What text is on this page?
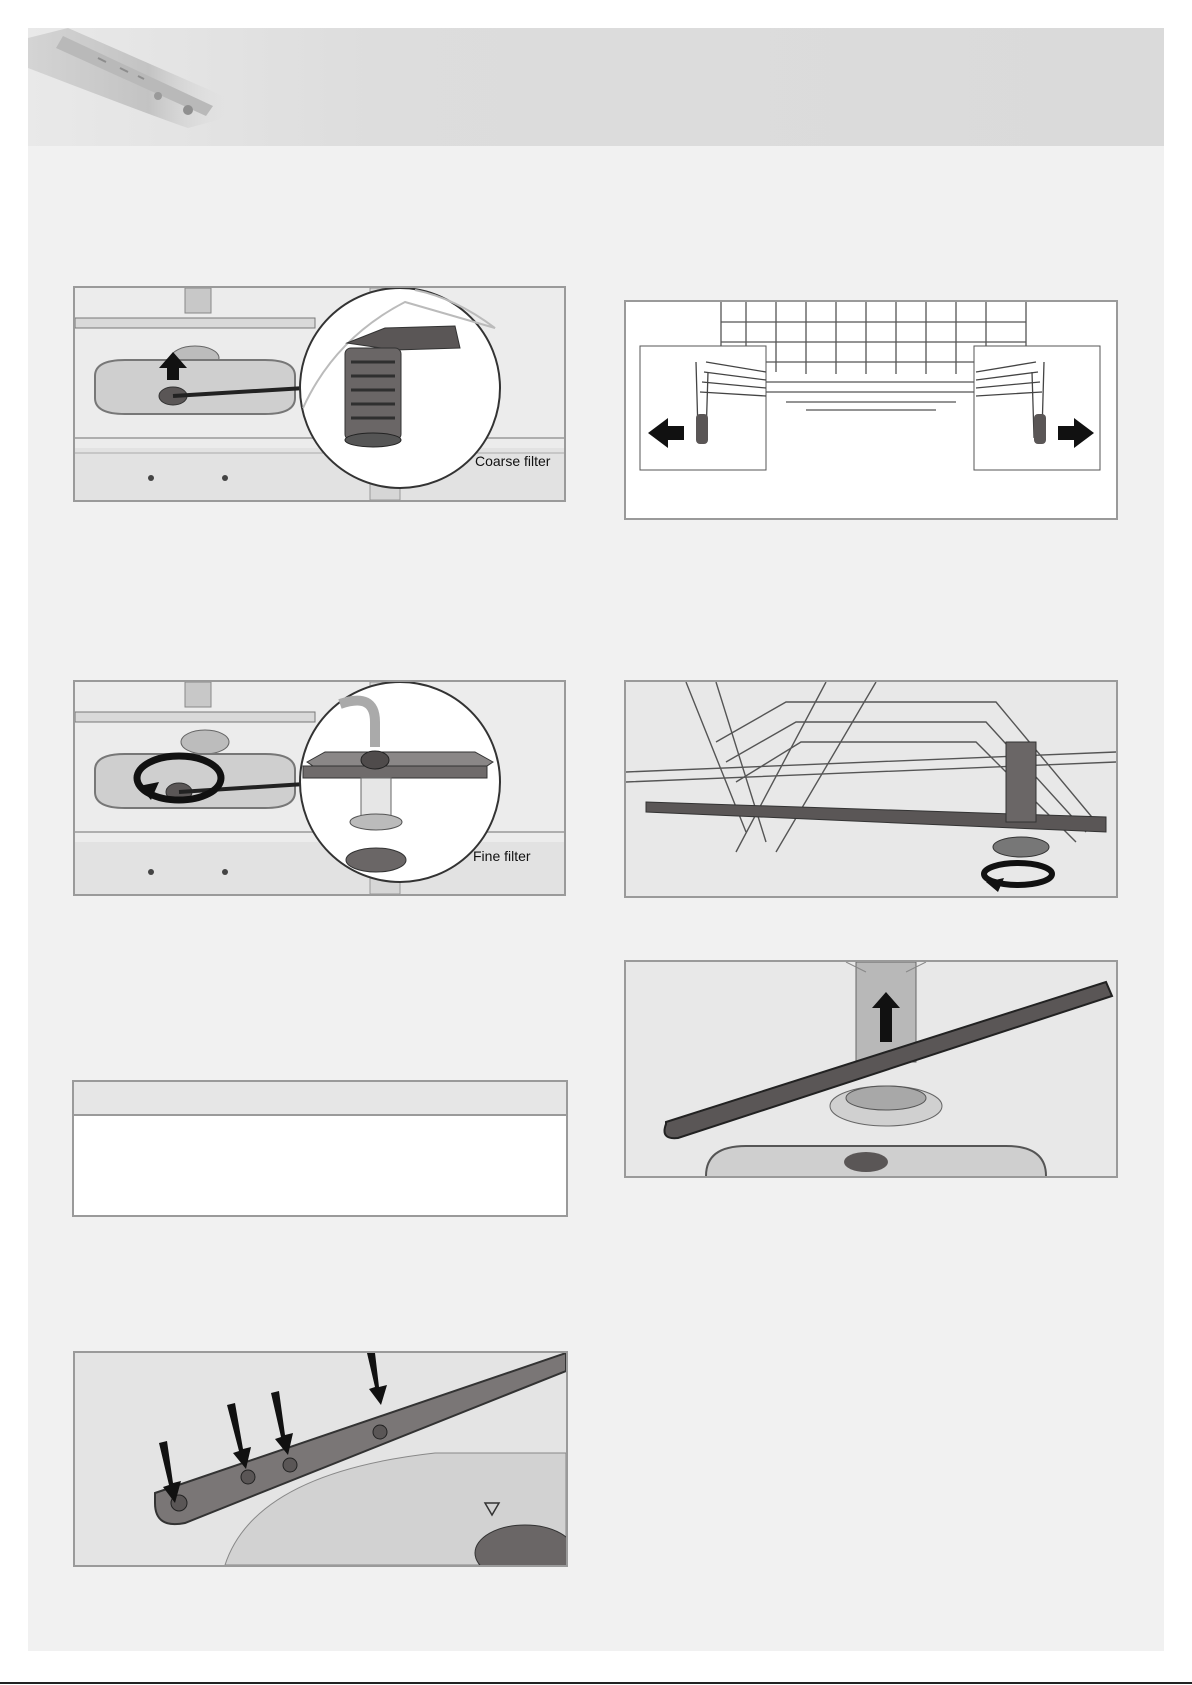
Coarse filter
Fine filter
